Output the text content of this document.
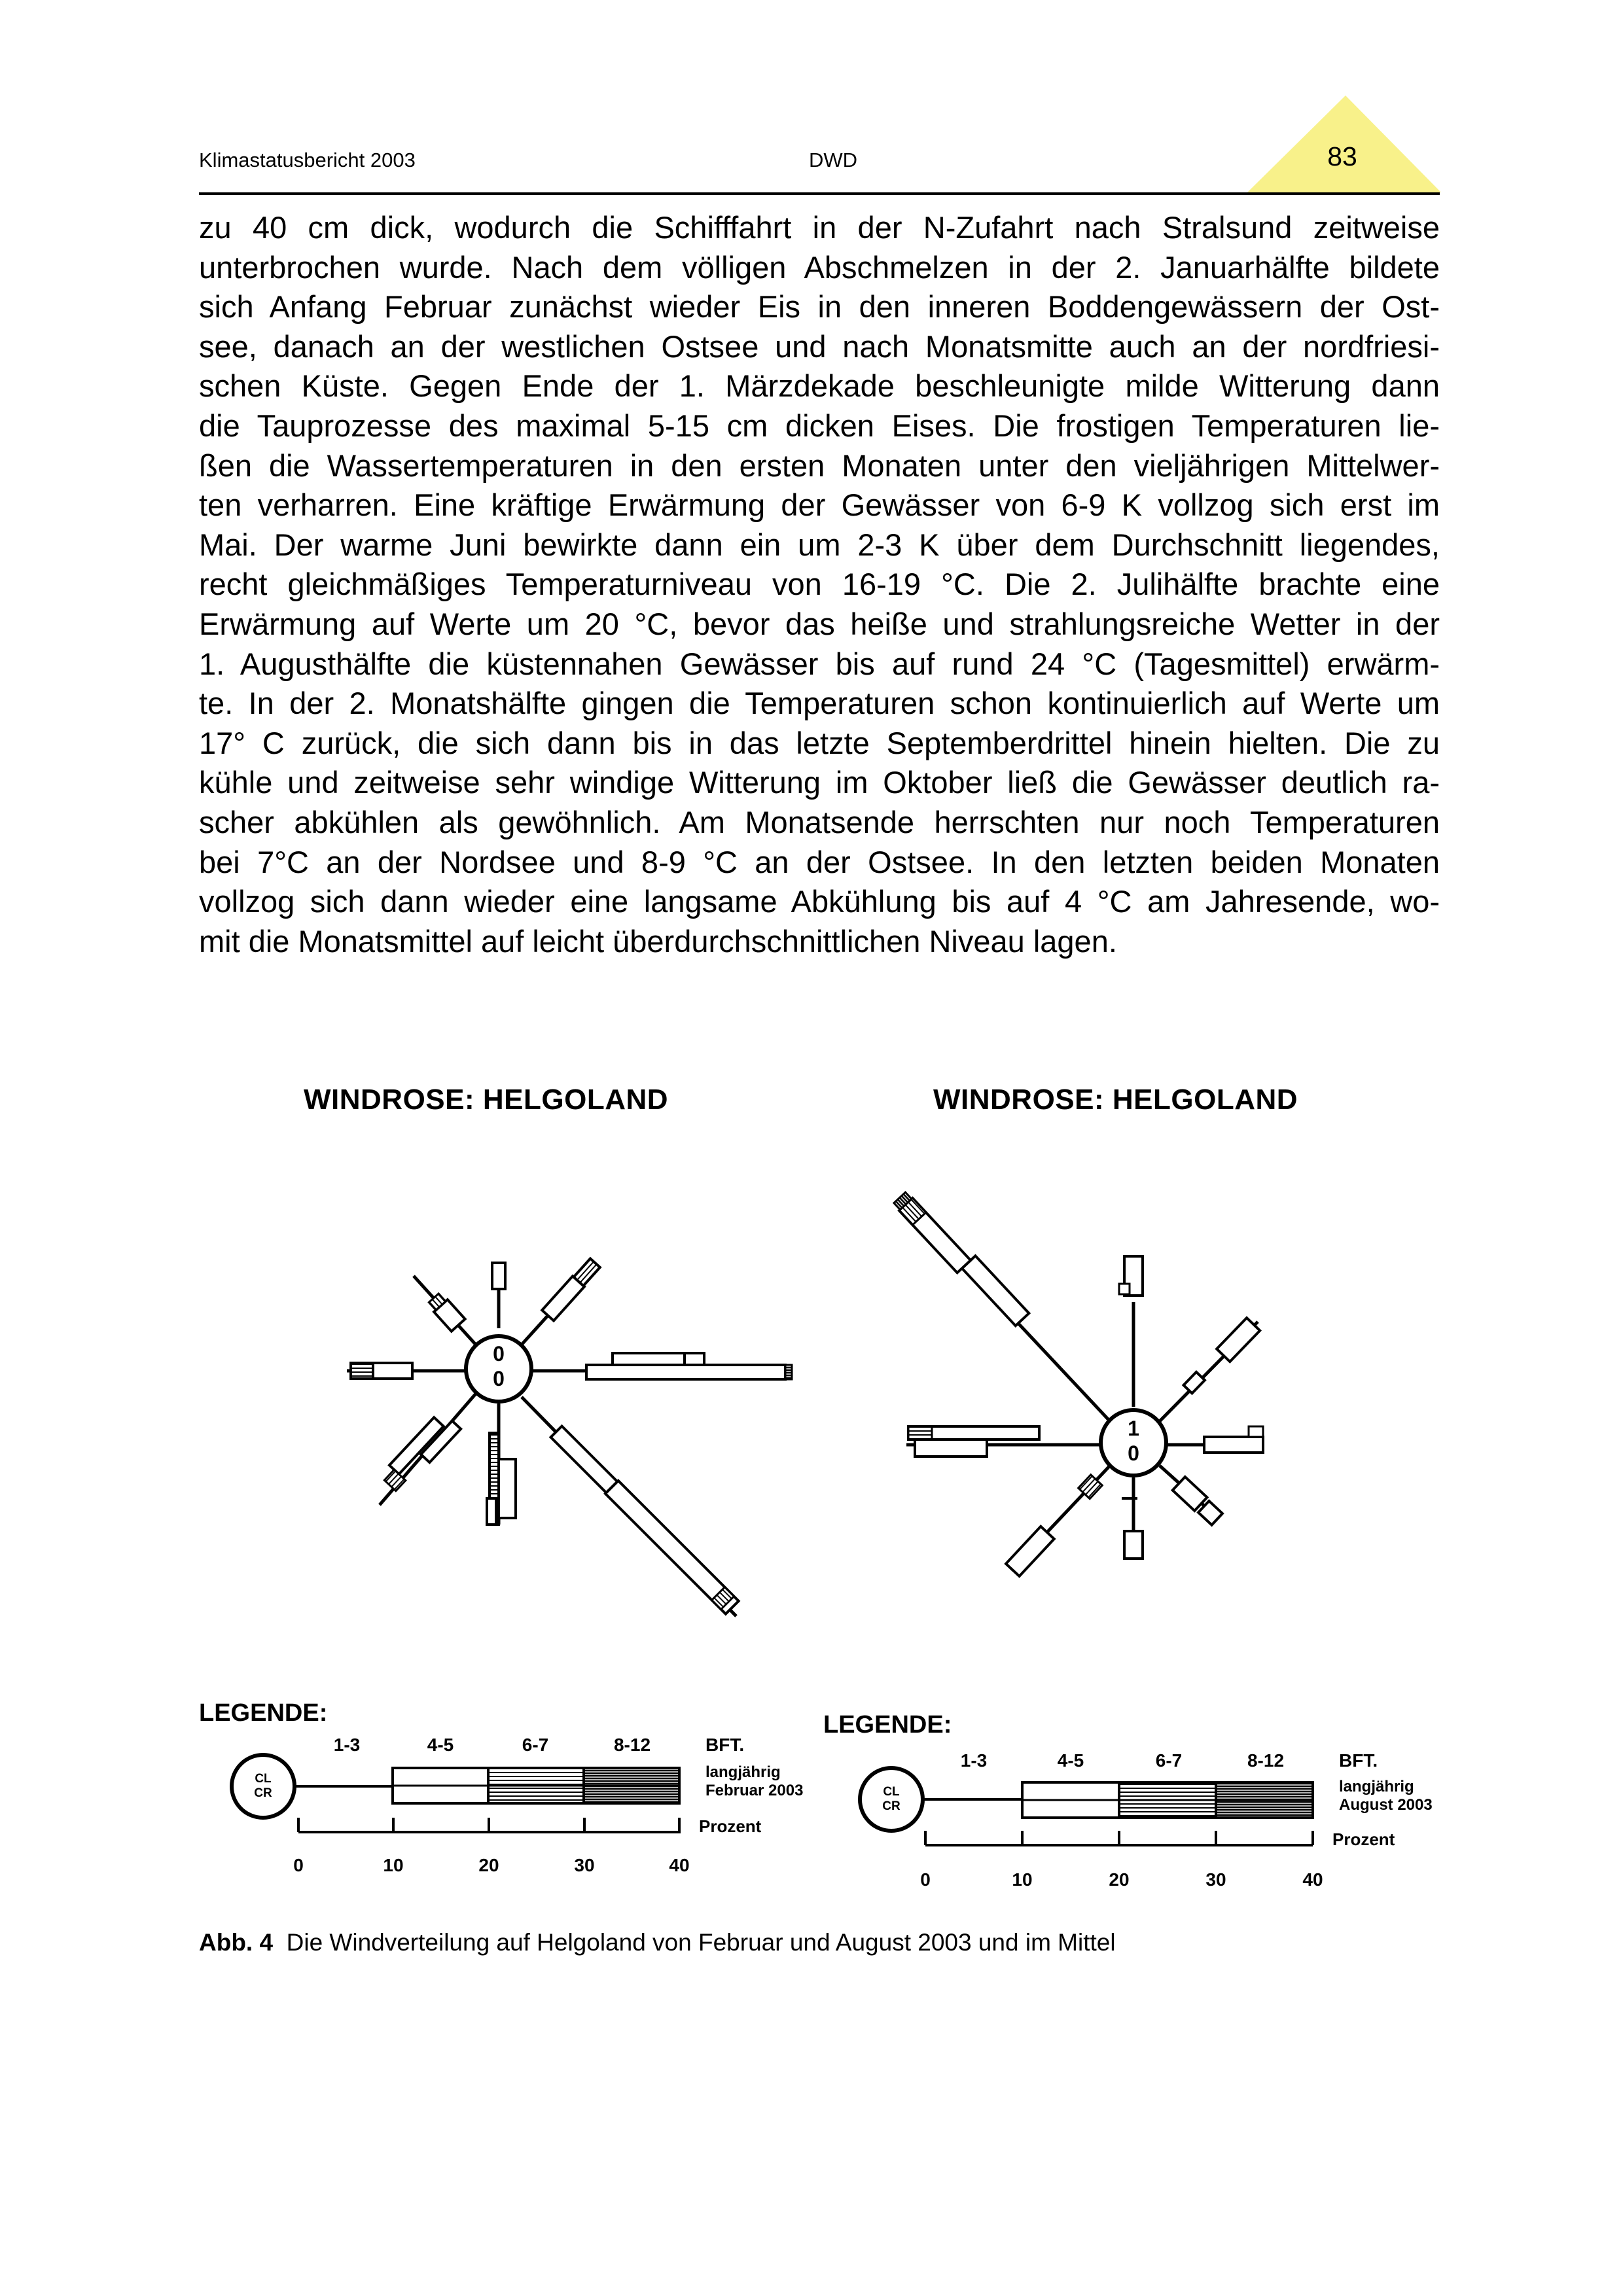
Klimastatusbericht 2003	DWD	83

zu 40 cm dick, wodurch die Schifffahrt in der N-Zufahrt nach Stralsund zeitweise
unterbrochen wurde. Nach dem völligen Abschmelzen in der 2. Januarhälfte bildete
sich Anfang Februar zunächst wieder Eis in den inneren Boddengewässern der Ost-
see, danach an der westlichen Ostsee und nach Monatsmitte auch an der nordfriesi-
schen Küste. Gegen Ende der 1. Märzdekade beschleunigte milde Witterung dann
die Tauprozesse des maximal 5-15 cm dicken Eises. Die frostigen Temperaturen lie-
ßen die Wassertemperaturen in den ersten Monaten unter den vieljährigen Mittelwer-
ten verharren. Eine kräftige Erwärmung der Gewässer von 6-9 K vollzog sich erst im
Mai. Der warme Juni bewirkte dann ein um 2-3 K über dem Durchschnitt liegendes,
recht gleichmäßiges Temperaturniveau von 16-19 °C. Die 2. Julihälfte brachte eine
Erwärmung auf Werte um 20 °C, bevor das heiße und strahlungsreiche Wetter in der
1. Augusthälfte die küstennahen Gewässer bis auf rund 24 °C (Tagesmittel) erwärm-
te. In der 2. Monatshälfte gingen die Temperaturen schon kontinuierlich auf Werte um
17° C zurück, die sich dann bis in das letzte Septemberdrittel hinein hielten. Die zu
kühle und zeitweise sehr windige Witterung im Oktober ließ die Gewässer deutlich ra-
scher abkühlen als gewöhnlich. Am Monatsende herrschten nur noch Temperaturen
bei 7°C an der Nordsee und 8-9 °C an der Ostsee. In den letzten beiden Monaten
vollzog sich dann wieder eine langsame Abkühlung bis auf 4 °C am Jahresende, wo-
mit die Monatsmittel auf leicht überdurchschnittlichen Niveau lagen.

WINDROSE: HELGOLAND	WINDROSE: HELGOLAND
0
0
1
0
LEGENDE:
CL
CR
1-3	4-5	6-7	8-12	BFT.
langjährig
Februar 2003
Prozent
0	10	20	30	40
LEGENDE:
CL
CR
1-3	4-5	6-7	8-12	BFT.
langjährig
August 2003
Prozent
0	10	20	30	40
Abb. 4 Die Windverteilung auf Helgoland von Februar und August 2003 und im Mittel
